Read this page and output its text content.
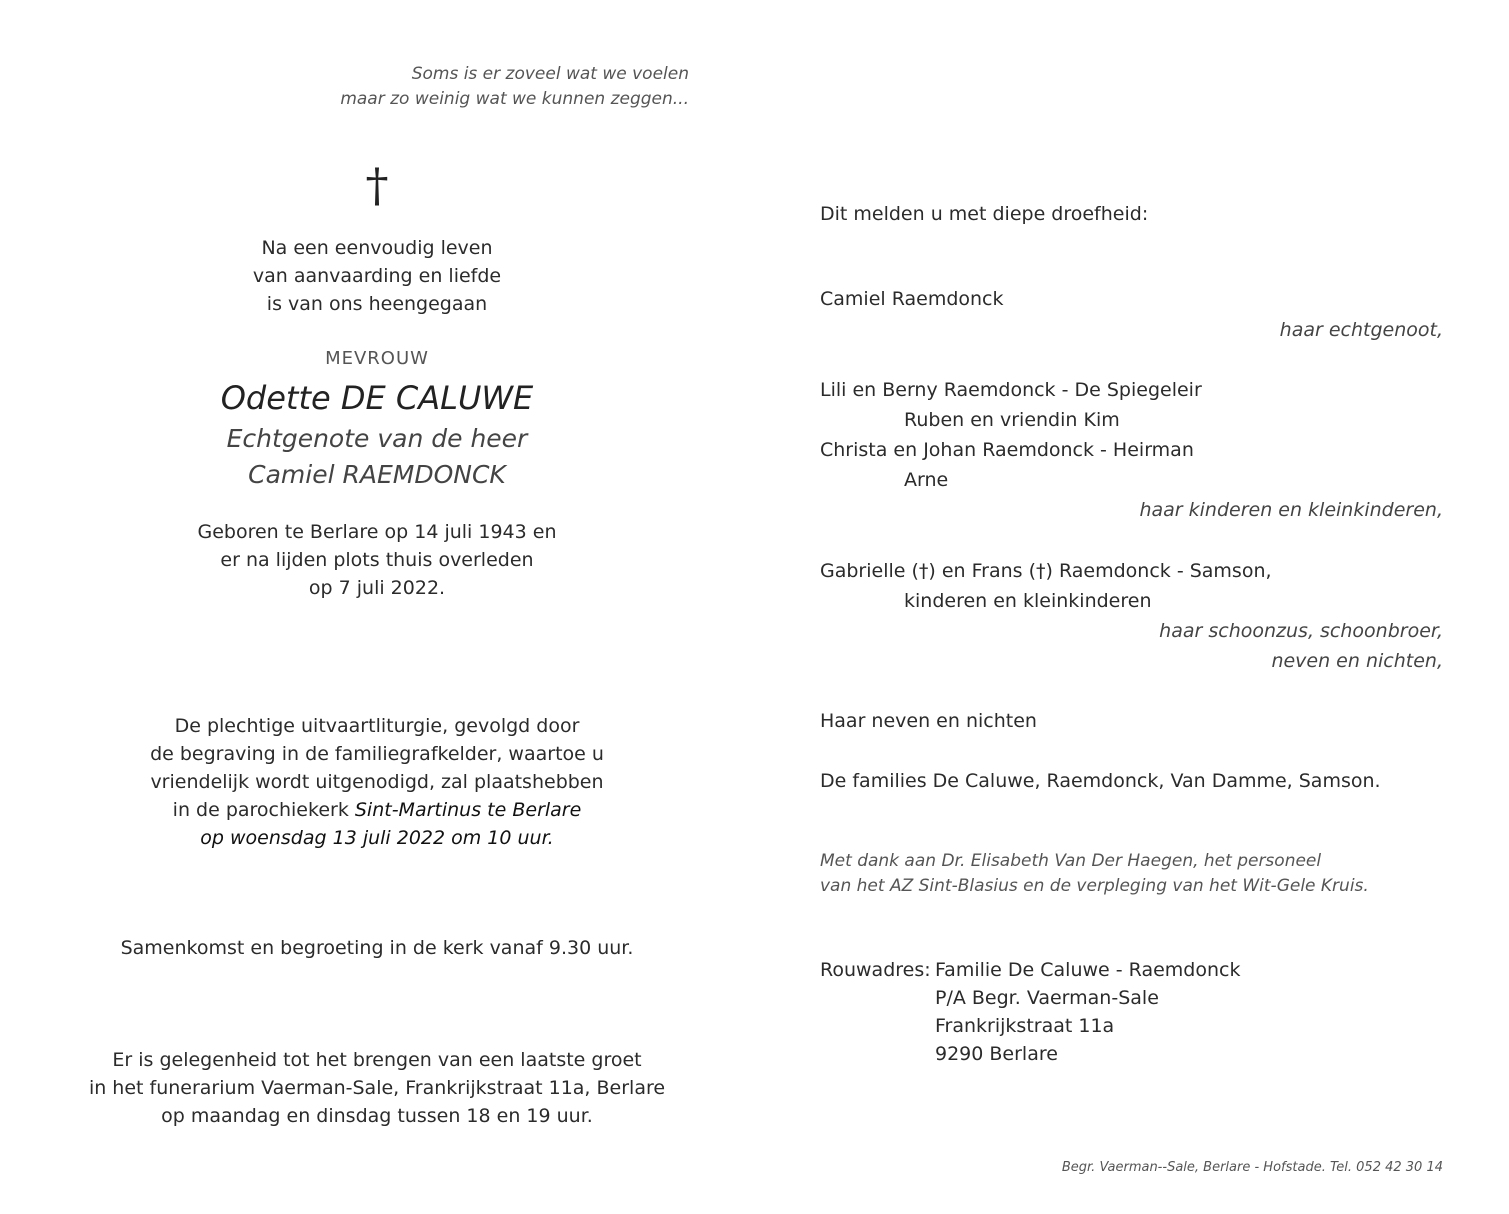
Soms is er zoveel wat we voelen
maar zo weinig wat we kunnen zeggen...
†
Na een eenvoudig leven
van aanvaarding en liefde
is van ons heengegaan
MEVROUW
Odette DE CALUWE
Echtgenote van de heer
Camiel RAEMDONCK
Geboren te Berlare op 14 juli 1943 en
er na lijden plots thuis overleden
op 7 juli 2022.
De plechtige uitvaartliturgie, gevolgd door
de begraving in de familiegrafkelder, waartoe u
vriendelijk wordt uitgenodigd, zal plaatshebben
in de parochiekerk Sint-Martinus te Berlare
op woensdag 13 juli 2022 om 10 uur.
Samenkomst en begroeting in de kerk vanaf 9.30 uur.
Er is gelegenheid tot het brengen van een laatste groet
in het funerarium Vaerman-Sale, Frankrijkstraat 11a, Berlare
op maandag en dinsdag tussen 18 en 19 uur.
Dit melden u met diepe droefheid:
Camiel Raemdonck
haar echtgenoot,
Lili en Berny Raemdonck - De Spiegeleir
Ruben en vriendin Kim
Christa en Johan Raemdonck - Heirman
Arne
haar kinderen en kleinkinderen,
Gabrielle (†) en Frans (†) Raemdonck - Samson,
kinderen en kleinkinderen
haar schoonzus, schoonbroer,
neven en nichten,
Haar neven en nichten
De families De Caluwe, Raemdonck, Van Damme, Samson.
Met dank aan Dr. Elisabeth Van Der Haegen, het personeel
van het AZ Sint-Blasius en de verpleging van het Wit-Gele Kruis.
Rouwadres: Familie De Caluwe - Raemdonck
P/A Begr. Vaerman-Sale
Frankrijkstraat 11a
9290 Berlare
Begr. Vaerman--Sale, Berlare - Hofstade. Tel. 052 42 30 14
